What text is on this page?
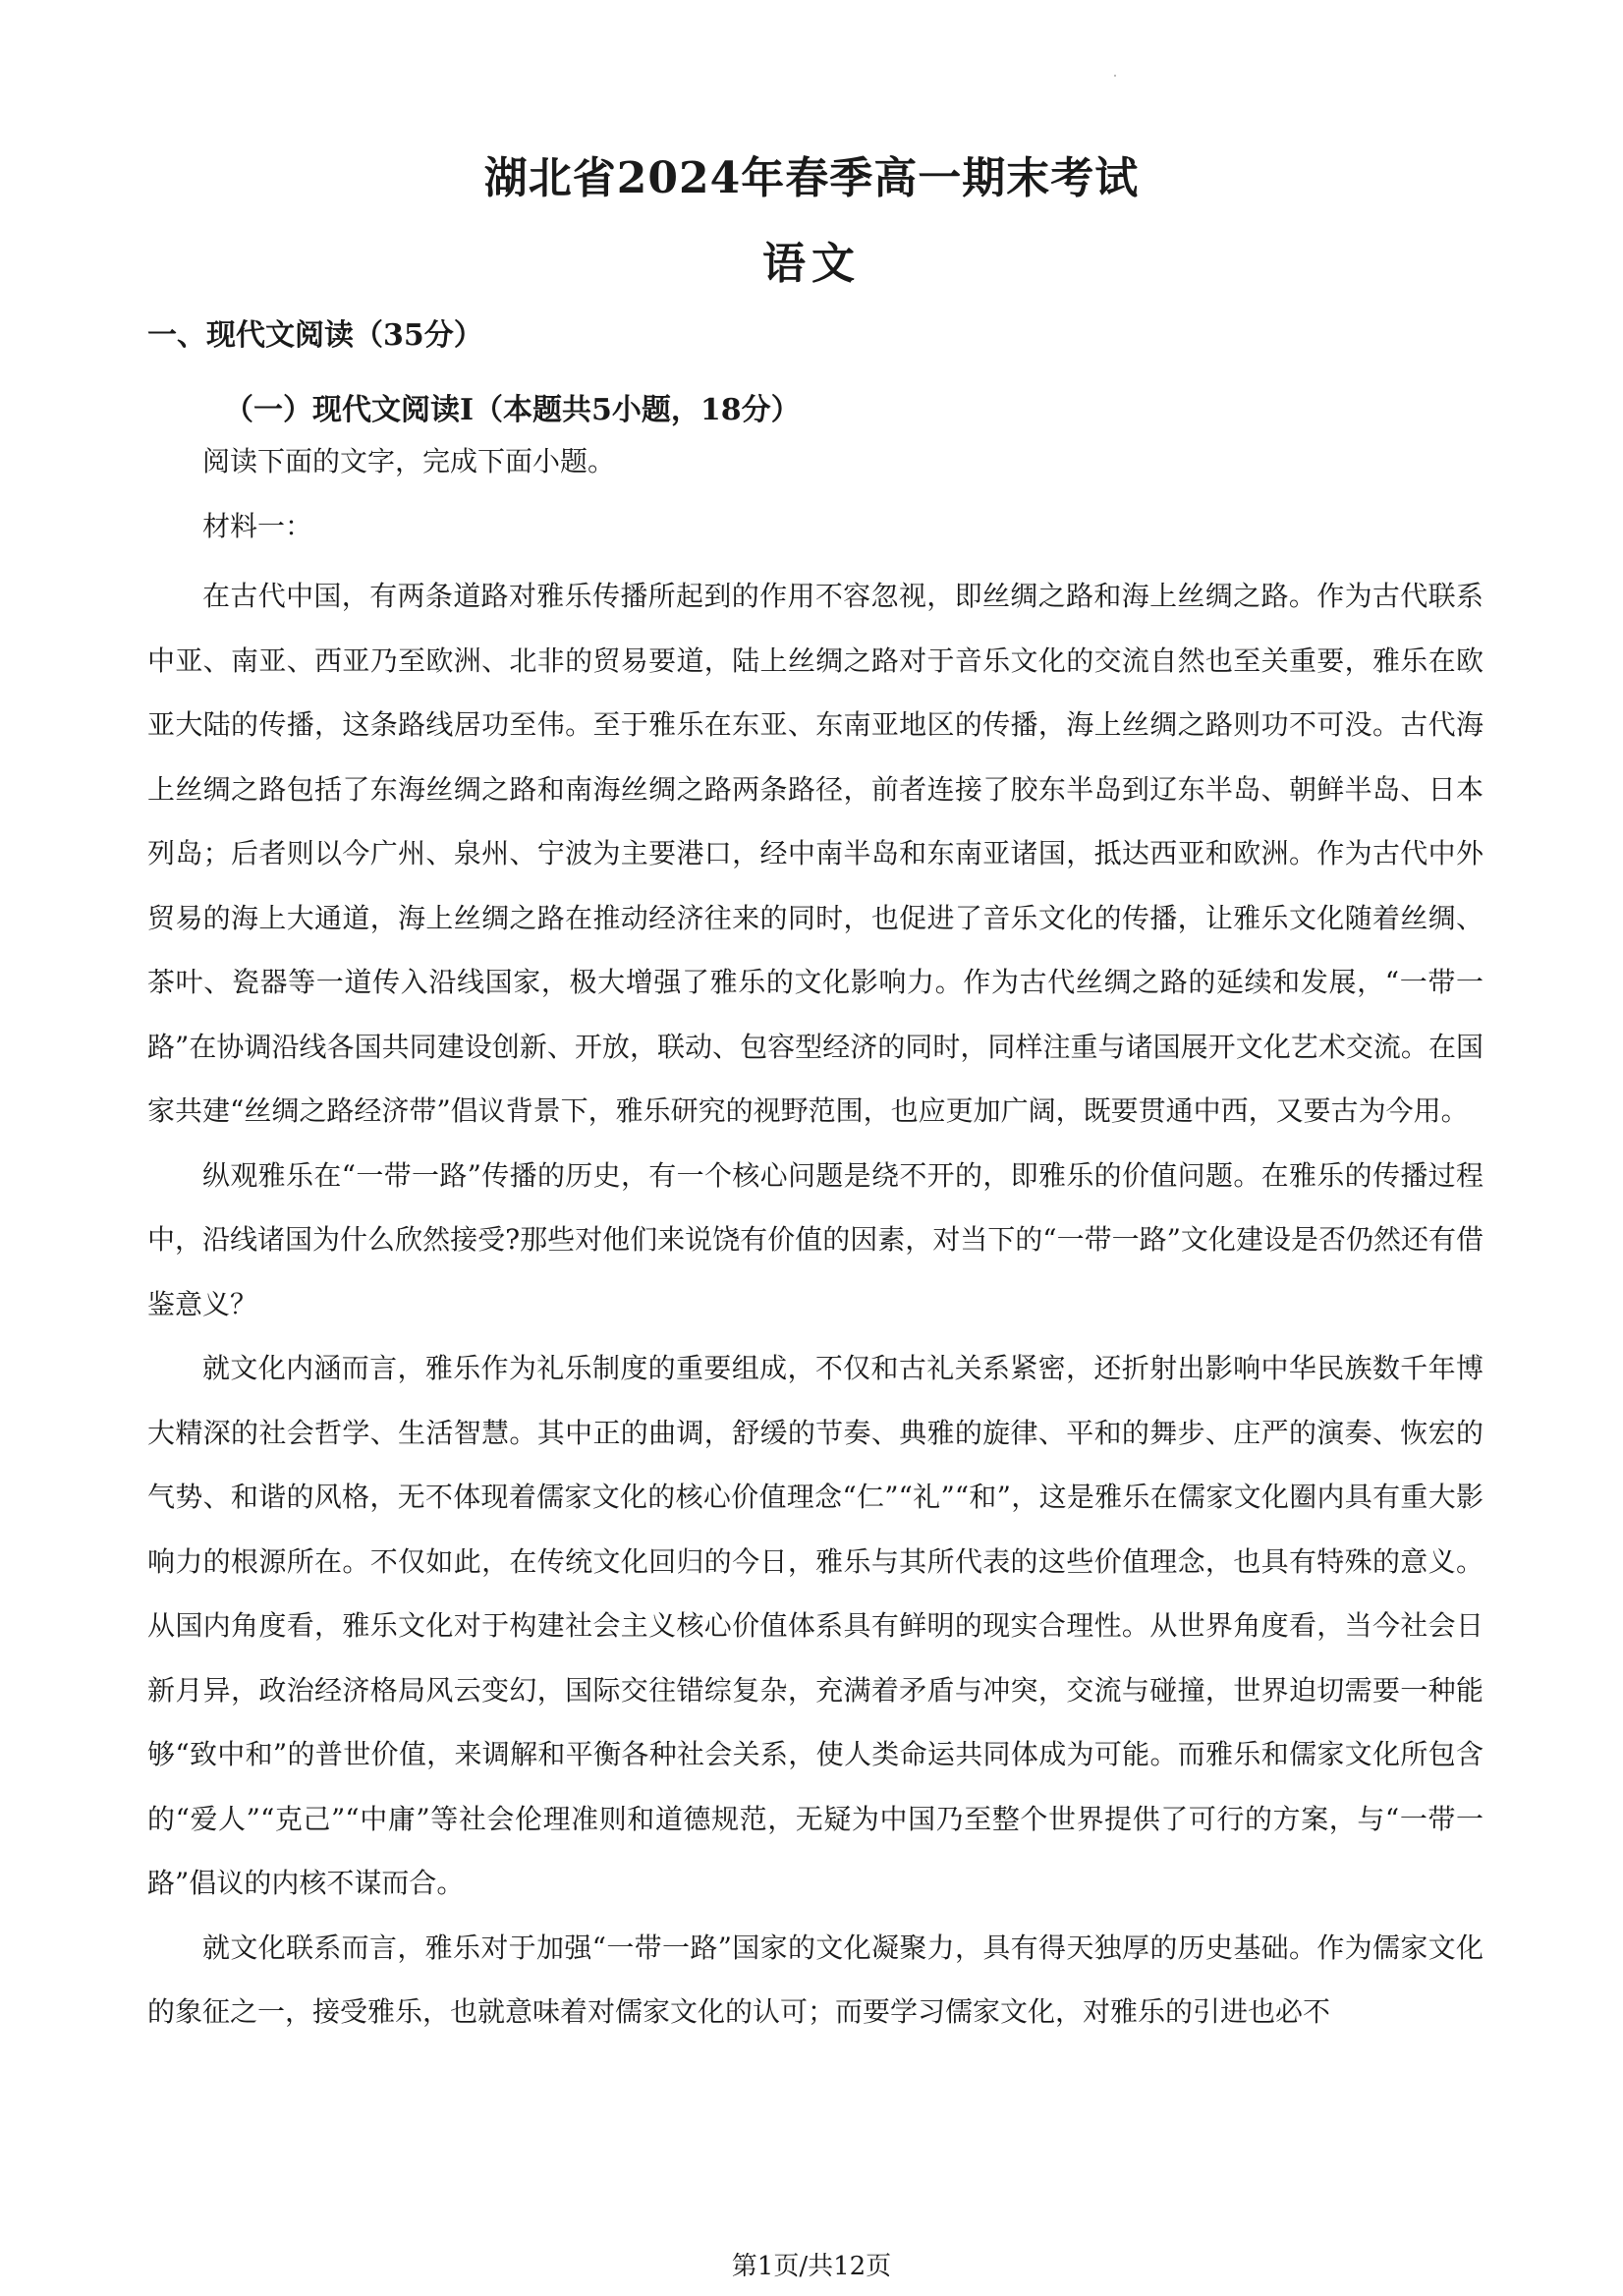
湖北省2024年春季高一期末考试
语文
一、现代文阅读（35分）
（一）现代文阅读Ⅰ（本题共5小题，18分）
阅读下面的文字，完成下面小题。
材料一：

在古代中国，有两条道路对雅乐传播所起到的作用不容忽视，即丝绸之路和海上丝绸之路。作为古代联系中亚、南亚、西亚乃至欧洲、北非的贸易要道，陆上丝绸之路对于音乐文化的交流自然也至关重要，雅乐在欧亚大陆的传播，这条路线居功至伟。至于雅乐在东亚、东南亚地区的传播，海上丝绸之路则功不可没。古代海上丝绸之路包括了东海丝绸之路和南海丝绸之路两条路径，前者连接了胶东半岛到辽东半岛、朝鲜半岛、日本列岛；后者则以今广州、泉州、宁波为主要港口，经中南半岛和东南亚诸国，抵达西亚和欧洲。作为古代中外贸易的海上大通道，海上丝绸之路在推动经济往来的同时，也促进了音乐文化的传播，让雅乐文化随着丝绸、茶叶、瓷器等一道传入沿线国家，极大增强了雅乐的文化影响力。作为古代丝绸之路的延续和发展，“一带一路”在协调沿线各国共同建设创新、开放，联动、包容型经济的同时，同样注重与诸国展开文化艺术交流。在国家共建“丝绸之路经济带”倡议背景下，雅乐研究的视野范围，也应更加广阔，既要贯通中西，又要古为今用。

纵观雅乐在“一带一路”传播的历史，有一个核心问题是绕不开的，即雅乐的价值问题。在雅乐的传播过程中，沿线诸国为什么欣然接受?那些对他们来说饶有价值的因素，对当下的“一带一路”文化建设是否仍然还有借鉴意义？

就文化内涵而言，雅乐作为礼乐制度的重要组成，不仅和古礼关系紧密，还折射出影响中华民族数千年博大精深的社会哲学、生活智慧。其中正的曲调，舒缓的节奏、典雅的旋律、平和的舞步、庄严的演奏、恢宏的气势、和谐的风格，无不体现着儒家文化的核心价值理念“仁”“礼”“和”，这是雅乐在儒家文化圈内具有重大影响力的根源所在。不仅如此，在传统文化回归的今日，雅乐与其所代表的这些价值理念，也具有特殊的意义。从国内角度看，雅乐文化对于构建社会主义核心价值体系具有鲜明的现实合理性。从世界角度看，当今社会日新月异，政治经济格局风云变幻，国际交往错综复杂，充满着矛盾与冲突，交流与碰撞，世界迫切需要一种能够“致中和”的普世价值，来调解和平衡各种社会关系，使人类命运共同体成为可能。而雅乐和儒家文化所包含的“爱人”“克己”“中庸”等社会伦理准则和道德规范，无疑为中国乃至整个世界提供了可行的方案，与“一带一路”倡议的内核不谋而合。

就文化联系而言，雅乐对于加强“一带一路”国家的文化凝聚力，具有得天独厚的历史基础。作为儒家文化的象征之一，接受雅乐，也就意味着对儒家文化的认可；而要学习儒家文化，对雅乐的引进也必不

第1页/共12页
